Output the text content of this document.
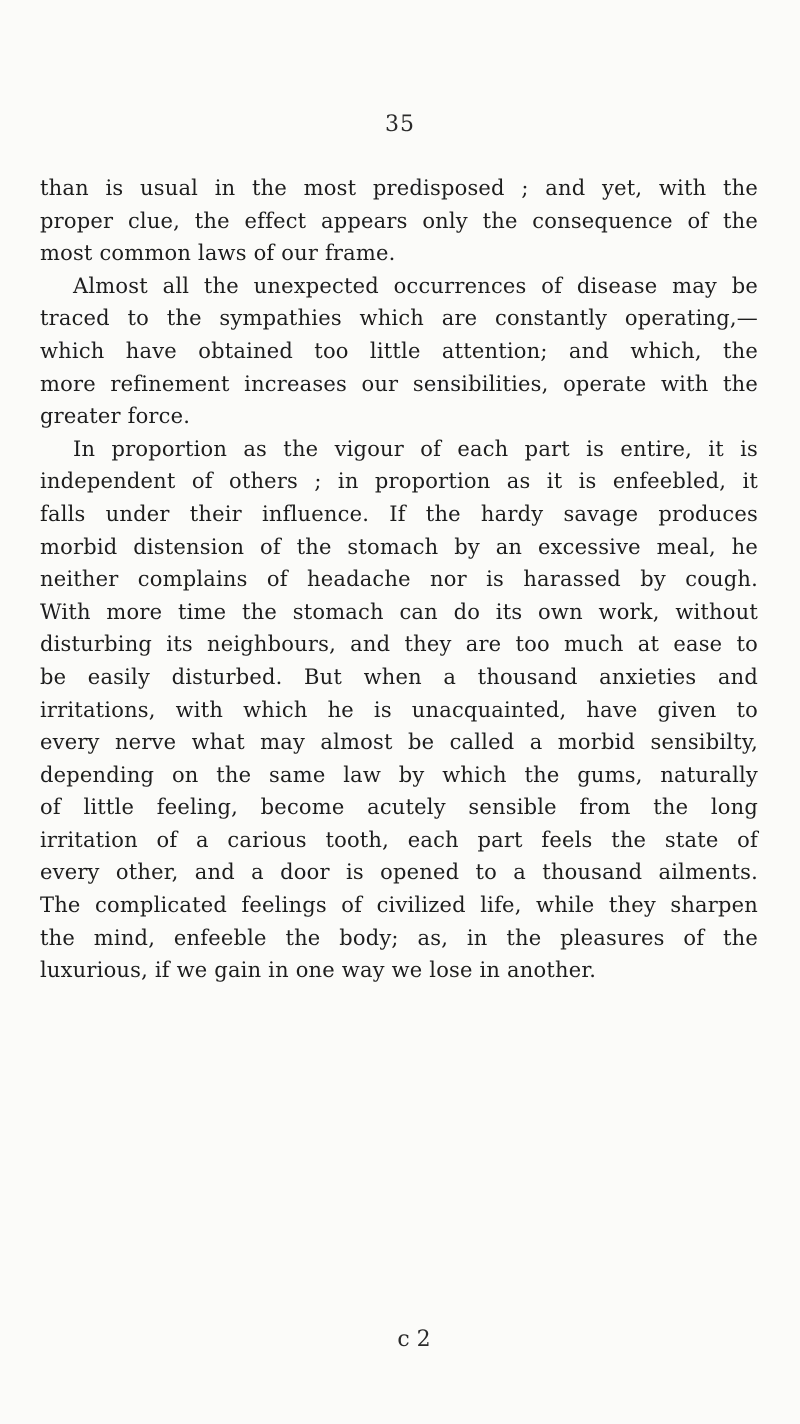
35
than is usual in the most predisposed ; and yet, with the
proper clue, the effect appears only the consequence of the
most common laws of our frame.
Almost all the unexpected occurrences of disease may be
traced to the sympathies which are constantly operating,—
which have obtained too little attention; and which, the
more refinement increases our sensibilities, operate with the
greater force.
In proportion as the vigour of each part is entire, it is
independent of others ; in proportion as it is enfeebled, it
falls under their influence. If the hardy savage produces
morbid distension of the stomach by an excessive meal, he
neither complains of headache nor is harassed by cough.
With more time the stomach can do its own work, without
disturbing its neighbours, and they are too much at ease to
be easily disturbed. But when a thousand anxieties and
irritations, with which he is unacquainted, have given to
every nerve what may almost be called a morbid sensibilty,
depending on the same law by which the gums, naturally
of little feeling, become acutely sensible from the long
irritation of a carious tooth, each part feels the state of
every other, and a door is opened to a thousand ailments.
The complicated feelings of civilized life, while they sharpen
the mind, enfeeble the body; as, in the pleasures of the
luxurious, if we gain in one way we lose in another.
c 2
